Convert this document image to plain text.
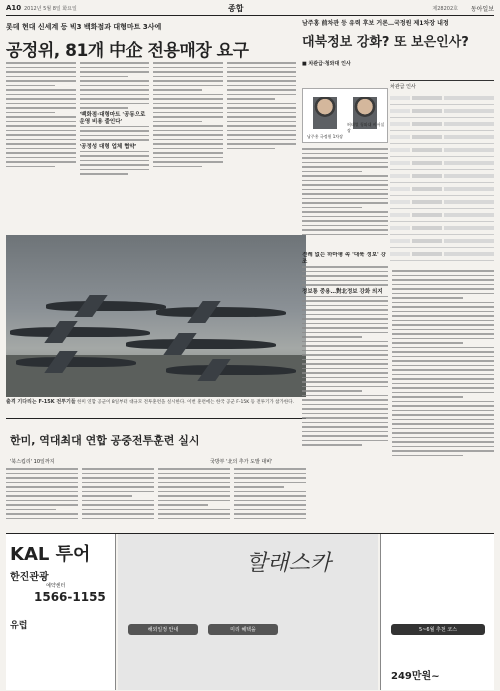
A10 2012년 5월 8일 화요일	종합	제28202호 동아일보
롯데 현대 신세계 등 빅3 백화점과 대형마트 3사에
공정위, 81개 中企 전용매장 요구
'백화점·대형마트 '공동으로 운영 비용 줄인다'
'공정성 대형 업체 협약'
출격 기다리는 F-15K 전투기들 한미 연합 공군이 8일부터 대규모 전투훈련을 실시한다. 이번 훈련에는 한국 공군 F-15K 등 전투기가 참가한다.
한미, 역대최대 연합 공중전투훈련 실시
'북스킵리' 10일까지	국방부 '北의 추가 도발 대비'
남주홍 前차관 등 유력 후보 거론…국정원 제1차장 내정
대북정보 강화? 또 보은인사?
■ 차관급·청와대 인사
남주홍 국정원 1차장
허태열 청와대 비서실장
차관급 인사
전례 없는 하마평 속 '대북 정보' 강조
정보통 중용…對北정보 강화 의지
KAL 투어
한진관광
예약센터
1566-1155
유럽
할래스카
해외일정 안내	미리 혜택을	5~6월 추천 코스
249만원~
